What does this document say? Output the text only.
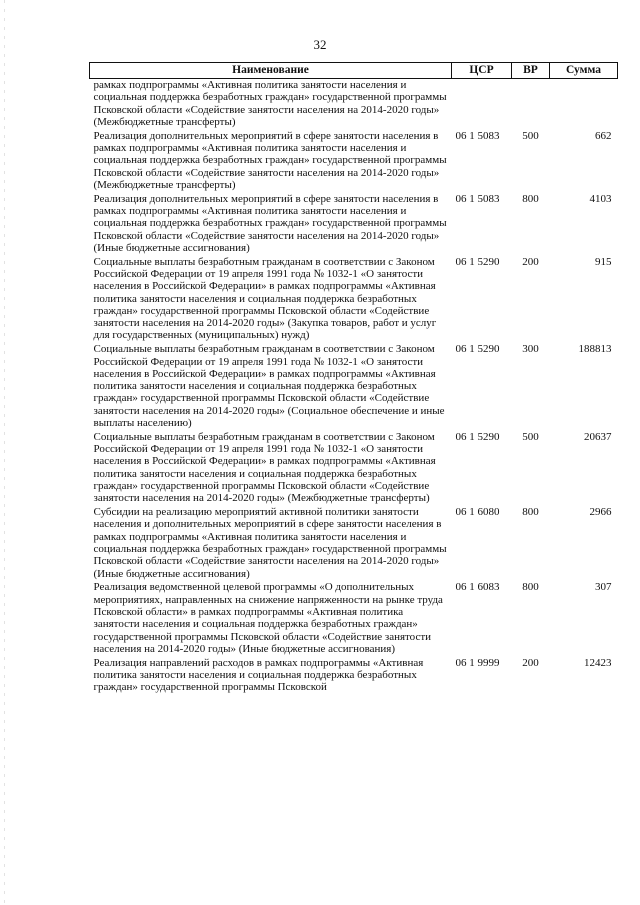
32
Наименование	ЦСР	ВР	Сумма
рамках подпрограммы «Активная политика занятости населения и социальная поддержка безработных граждан» государственной программы Псковской области «Содействие занятости населения на 2014-2020 годы» (Межбюджетные трансферты)			
Реализация дополнительных мероприятий в сфере занятости населения в рамках подпрограммы «Активная политика занятости населения и социальная поддержка безработных граждан» государственной программы Псковской области «Содействие занятости населения на 2014-2020 годы» (Межбюджетные трансферты)	06 1 5083	500	662
Реализация дополнительных мероприятий в сфере занятости населения в рамках подпрограммы «Активная политика занятости населения и социальная поддержка безработных граждан» государственной программы Псковской области «Содействие занятости населения на 2014-2020 годы» (Иные бюджетные ассигнования)	06 1 5083	800	4103
Социальные выплаты безработным гражданам в соответствии с Законом Российской Федерации от 19 апреля 1991 года № 1032-1 «О занятости населения в Российской Федерации» в рамках подпрограммы «Активная политика занятости населения и социальная поддержка безработных граждан» государственной программы Псковской области «Содействие занятости населения на 2014-2020 годы» (Закупка товаров, работ и услуг для государственных (муниципальных) нужд)	06 1 5290	200	915
Социальные выплаты безработным гражданам в соответствии с Законом Российской Федерации от 19 апреля 1991 года № 1032-1 «О занятости населения в Российской Федерации» в рамках подпрограммы «Активная политика занятости населения и социальная поддержка безработных граждан» государственной программы Псковской области «Содействие занятости населения на 2014-2020 годы» (Социальное обеспечение и иные выплаты населению)	06 1 5290	300	188813
Социальные выплаты безработным гражданам в соответствии с Законом Российской Федерации от 19 апреля 1991 года № 1032-1 «О занятости населения в Российской Федерации» в рамках подпрограммы «Активная политика занятости населения и социальная поддержка безработных граждан» государственной программы Псковской области «Содействие занятости населения на 2014-2020 годы» (Межбюджетные трансферты)	06 1 5290	500	20637
Субсидии на реализацию мероприятий активной политики занятости населения и дополнительных мероприятий в сфере занятости населения в рамках подпрограммы «Активная политика занятости населения и социальная поддержка безработных граждан» государственной программы Псковской области «Содействие занятости населения на 2014-2020 годы» (Иные бюджетные ассигнования)	06 1 6080	800	2966
Реализация ведомственной целевой программы «О дополнительных мероприятиях, направленных на снижение напряженности на рынке труда Псковской области» в рамках подпрограммы «Активная политика занятости населения и социальная поддержка безработных граждан» государственной программы Псковской области «Содействие занятости населения на 2014-2020 годы» (Иные бюджетные ассигнования)	06 1 6083	800	307
Реализация направлений расходов в рамках подпрограммы «Активная политика занятости населения и социальная поддержка безработных граждан» государственной программы Псковской	06 1 9999	200	12423
